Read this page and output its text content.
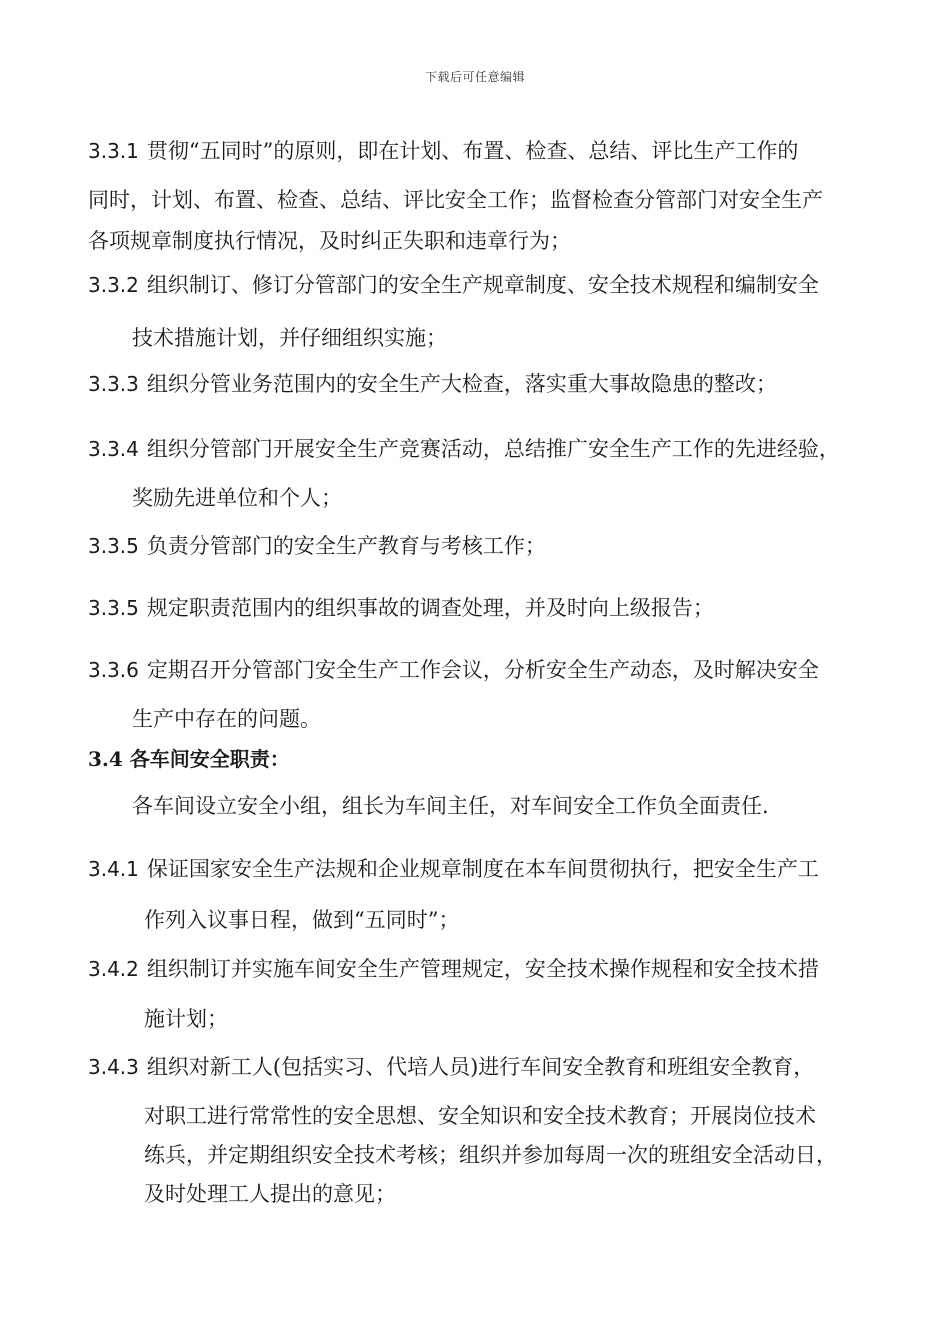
下载后可任意编辑
3.3.1 贯彻“五同时”的原则，即在计划、布置、检查、总结、评比生产工作的
同时，计划、布置、检查、总结、评比安全工作；监督检查分管部门对安全生产
各项规章制度执行情况，及时纠正失职和违章行为；
3.3.2 组织制订、修订分管部门的安全生产规章制度、安全技术规程和编制安全
技术措施计划，并仔细组织实施；
3.3.3 组织分管业务范围内的安全生产大检查，落实重大事故隐患的整改；
3.3.4 组织分管部门开展安全生产竞赛活动，总结推广安全生产工作的先进经验，
奖励先进单位和个人；
3.3.5 负责分管部门的安全生产教育与考核工作；
3.3.5 规定职责范围内的组织事故的调查处理，并及时向上级报告；
3.3.6 定期召开分管部门安全生产工作会议，分析安全生产动态，及时解决安全
生产中存在的问题。
3.4 各车间安全职责：
各车间设立安全小组，组长为车间主任，对车间安全工作负全面责任.
3.4.1 保证国家安全生产法规和企业规章制度在本车间贯彻执行，把安全生产工
作列入议事日程，做到“五同时”；
3.4.2 组织制订并实施车间安全生产管理规定，安全技术操作规程和安全技术措
施计划；
3.4.3 组织对新工人(包括实习、代培人员)进行车间安全教育和班组安全教育，
对职工进行常常性的安全思想、安全知识和安全技术教育；开展岗位技术
练兵，并定期组织安全技术考核；组织并参加每周一次的班组安全活动日，
及时处理工人提出的意见；
